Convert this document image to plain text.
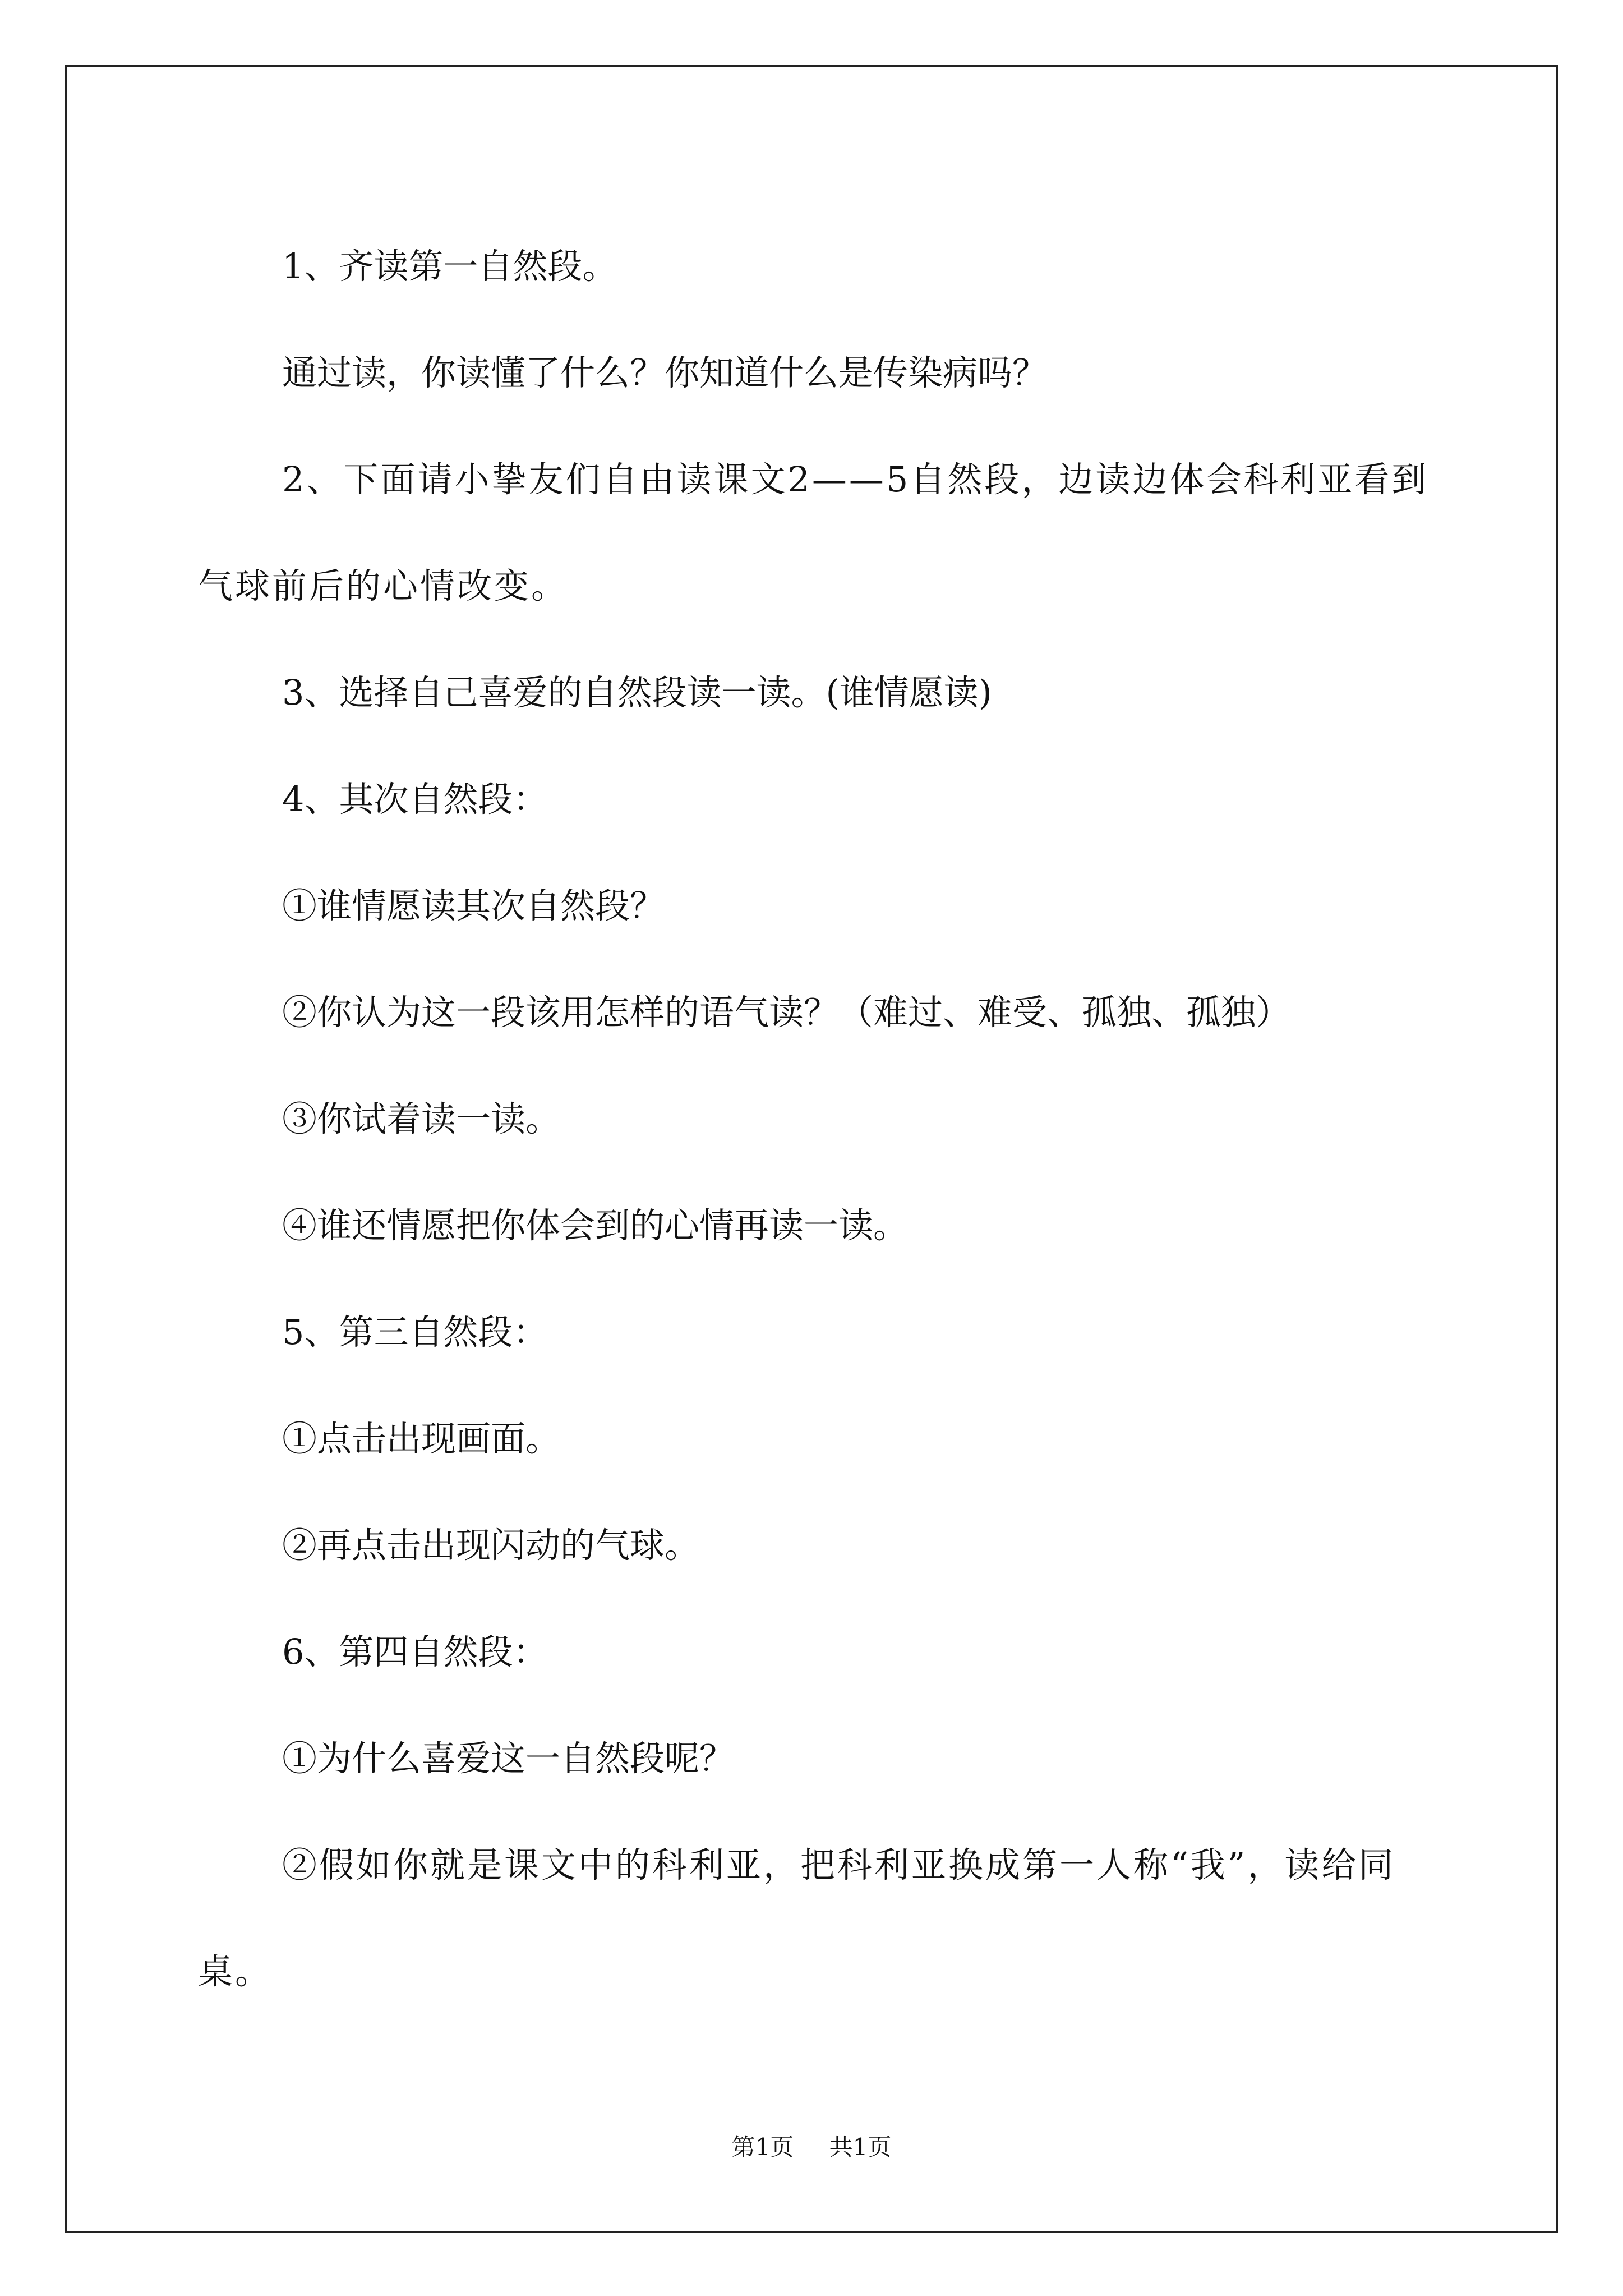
1、齐读第一自然段。

通过读，你读懂了什么？你知道什么是传染病吗？

2、下面请小挚友们自由读课文2——5自然段，边读边体会科利亚看到气球前后的心情改变。

3、选择自己喜爱的自然段读一读。(谁情愿读)

4、其次自然段：

①谁情愿读其次自然段？

②你认为这一段该用怎样的语气读？（难过、难受、孤独、孤独）

③你试着读一读。

④谁还情愿把你体会到的心情再读一读。

5、第三自然段：

①点击出现画面。

②再点击出现闪动的气球。

6、第四自然段：

①为什么喜爱这一自然段呢？

②假如你就是课文中的科利亚，把科利亚换成第一人称“我”，读给同桌。

第1页 共1页
